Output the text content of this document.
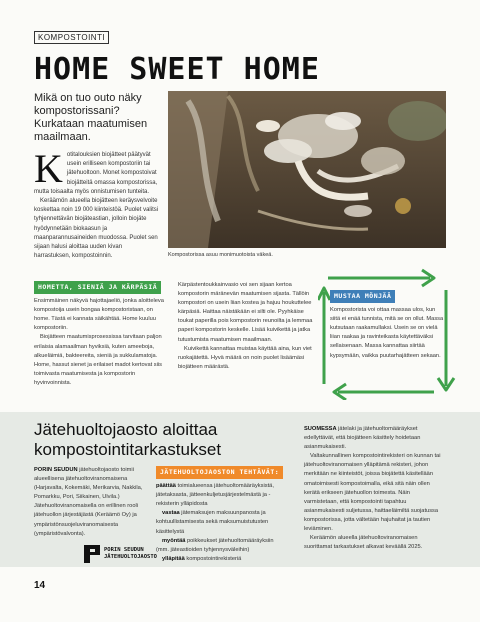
KOMPOSTOINTI
HOME SWEET HOME
Mikä on tuo outo näky kompostorissani? Kurkataan maatumisen maailmaan.
Kompostorissa asuu monimuotoista väkeä.
K otitalouksien biojätteet päätyvät usein erilliseen kompostoriin tai jätehuoltoon. Monet kompostoivat biojätteitä omassa kompostorissa, mutta toisaalta myös onnistumisen tunteita.

Keräämön alueella biojätteen keräysvelvoite koskettaa noin 19 000 kiinteistöä. Puolet valitsi tyhjennettävän biojäteastian, jolloin biojäte hyödynnetään biokaasun ja maanparannusaineiden muodossa. Puolet sen sijaan halusi aloittaa uuden kivan harrastuksen, kompostoinnin.

HOMETTA, SIENIÄ JA KÄRPÄSIÄ

Ensimmäinen näkyvä hajottajaeliö, jonka aloitteleva kompostoija usein bongaa kompostoristaan, on home. Tästä ei kannata säikähtää. Home kuuluu kompostoriin.

Biojätteen maatumisprosessissa tarvitaan paljon erilaisia alamaailman hyviksiä, kuten ameeboja, alkueläimiä, bakteereita, sieniä ja sukkulamatoja. Home, hassut sienet ja erilaiset madot kertovat siis toimivasta maatumisesta ja kompostorin hyvinvoinnista.

Kärpästentoukkainvasio voi sen sijaan kertoa kompostorin märänevän maatumisen sijasta. Tällöin kompostori on usein liian kostea ja hajuu houkuttelee kärpäsiä. Haittaa näistäkään ei silti ole. Pyyhkäise toukat paperilla pois kompostorin reunoilta ja lemmaa paperi kompostorin keskelle. Lisää kuivikettä ja jatka tutustumista maatumisen maailmaan.

Kuivikettä kannattaa muistaa käyttää aina, kun viet ruokajätettä. Hyvä määrä on noin puolet lisäämäsi biojätteen määrästä.

MUSTAA MÖNJÄÄ

Kompostorista voi ottaa massaa ulos, kun siitä ei enää tunnista, mitä se on ollut. Massa kutsutaan raakamullaksi. Usein se on vielä liian raakaa ja ravinteikasta käytettäväksi sellaisenaan. Massa kannattaa siirtää kypsymään, vaikka puutarhajätteen sekaan.

Jätehuoltojaosto aloittaa kompostointitarkastukset

PORIN SEUDUN jätehuoltojaosto toimii alueellisena jätehuoltoviranomaisena (Harjavalta, Kokemäki, Merikarvia, Nakkila, Pomarkku, Pori, Siikainen, Ulvila.) Jätehuoltoviranomaisella on erillinen rooli jätehuollon järjestäjästä (Keräämö Oy) ja ympäristönsuojeluviranomaisesta (ympäristövalvonta).

PORIN SEUDUN
JÄTEHUOLTOJAOSTO
JÄTEHUOLTOJAOSTON TEHTÄVÄT:

päättää toimialueensa jätehuoltomääräyksistä, jätetaksasta, jätteenkuljetusjärjestelmästä ja -rekisterin ylläpidosta

vastaa jätemaksujen maksuunpanosta ja kohtuullistamisesta sekä maksumuistutusten käsittelystä

myöntää poikkeukset jätehuoltomääräyksiin (mm. jäteastioiden tyhjennysväleihin)

ylläpitää kompostointirekisteriä

SUOMESSA jätelaki ja jätehuoltomääräykset edellyttävät, että biojätteen käsittely hoidetaan asianmukaisesti.

Valtakunnallinen kompostointirekisteri on kunnan tai jätehuoltoviranomaisen ylläpitämä rekisteri, johon merkitään ne kiinteistöt, joissa biojätettä käsitellään omatoimisesti kompostoimalla, eikä sitä näin ollen kerätä erikseen jätehuollon toimesta. Näin varmistetaan, että kompostointi tapahtuu asianmukaisesti suljetussa, haittaeläimiltä suojatussa kompostorissa, jotta vältetään hajuhaitat ja tautien leviäminen.

Keräämön alueella jätehuoltoviranomaisen suorittamat tarkastukset alkavat keväällä 2025.

14
